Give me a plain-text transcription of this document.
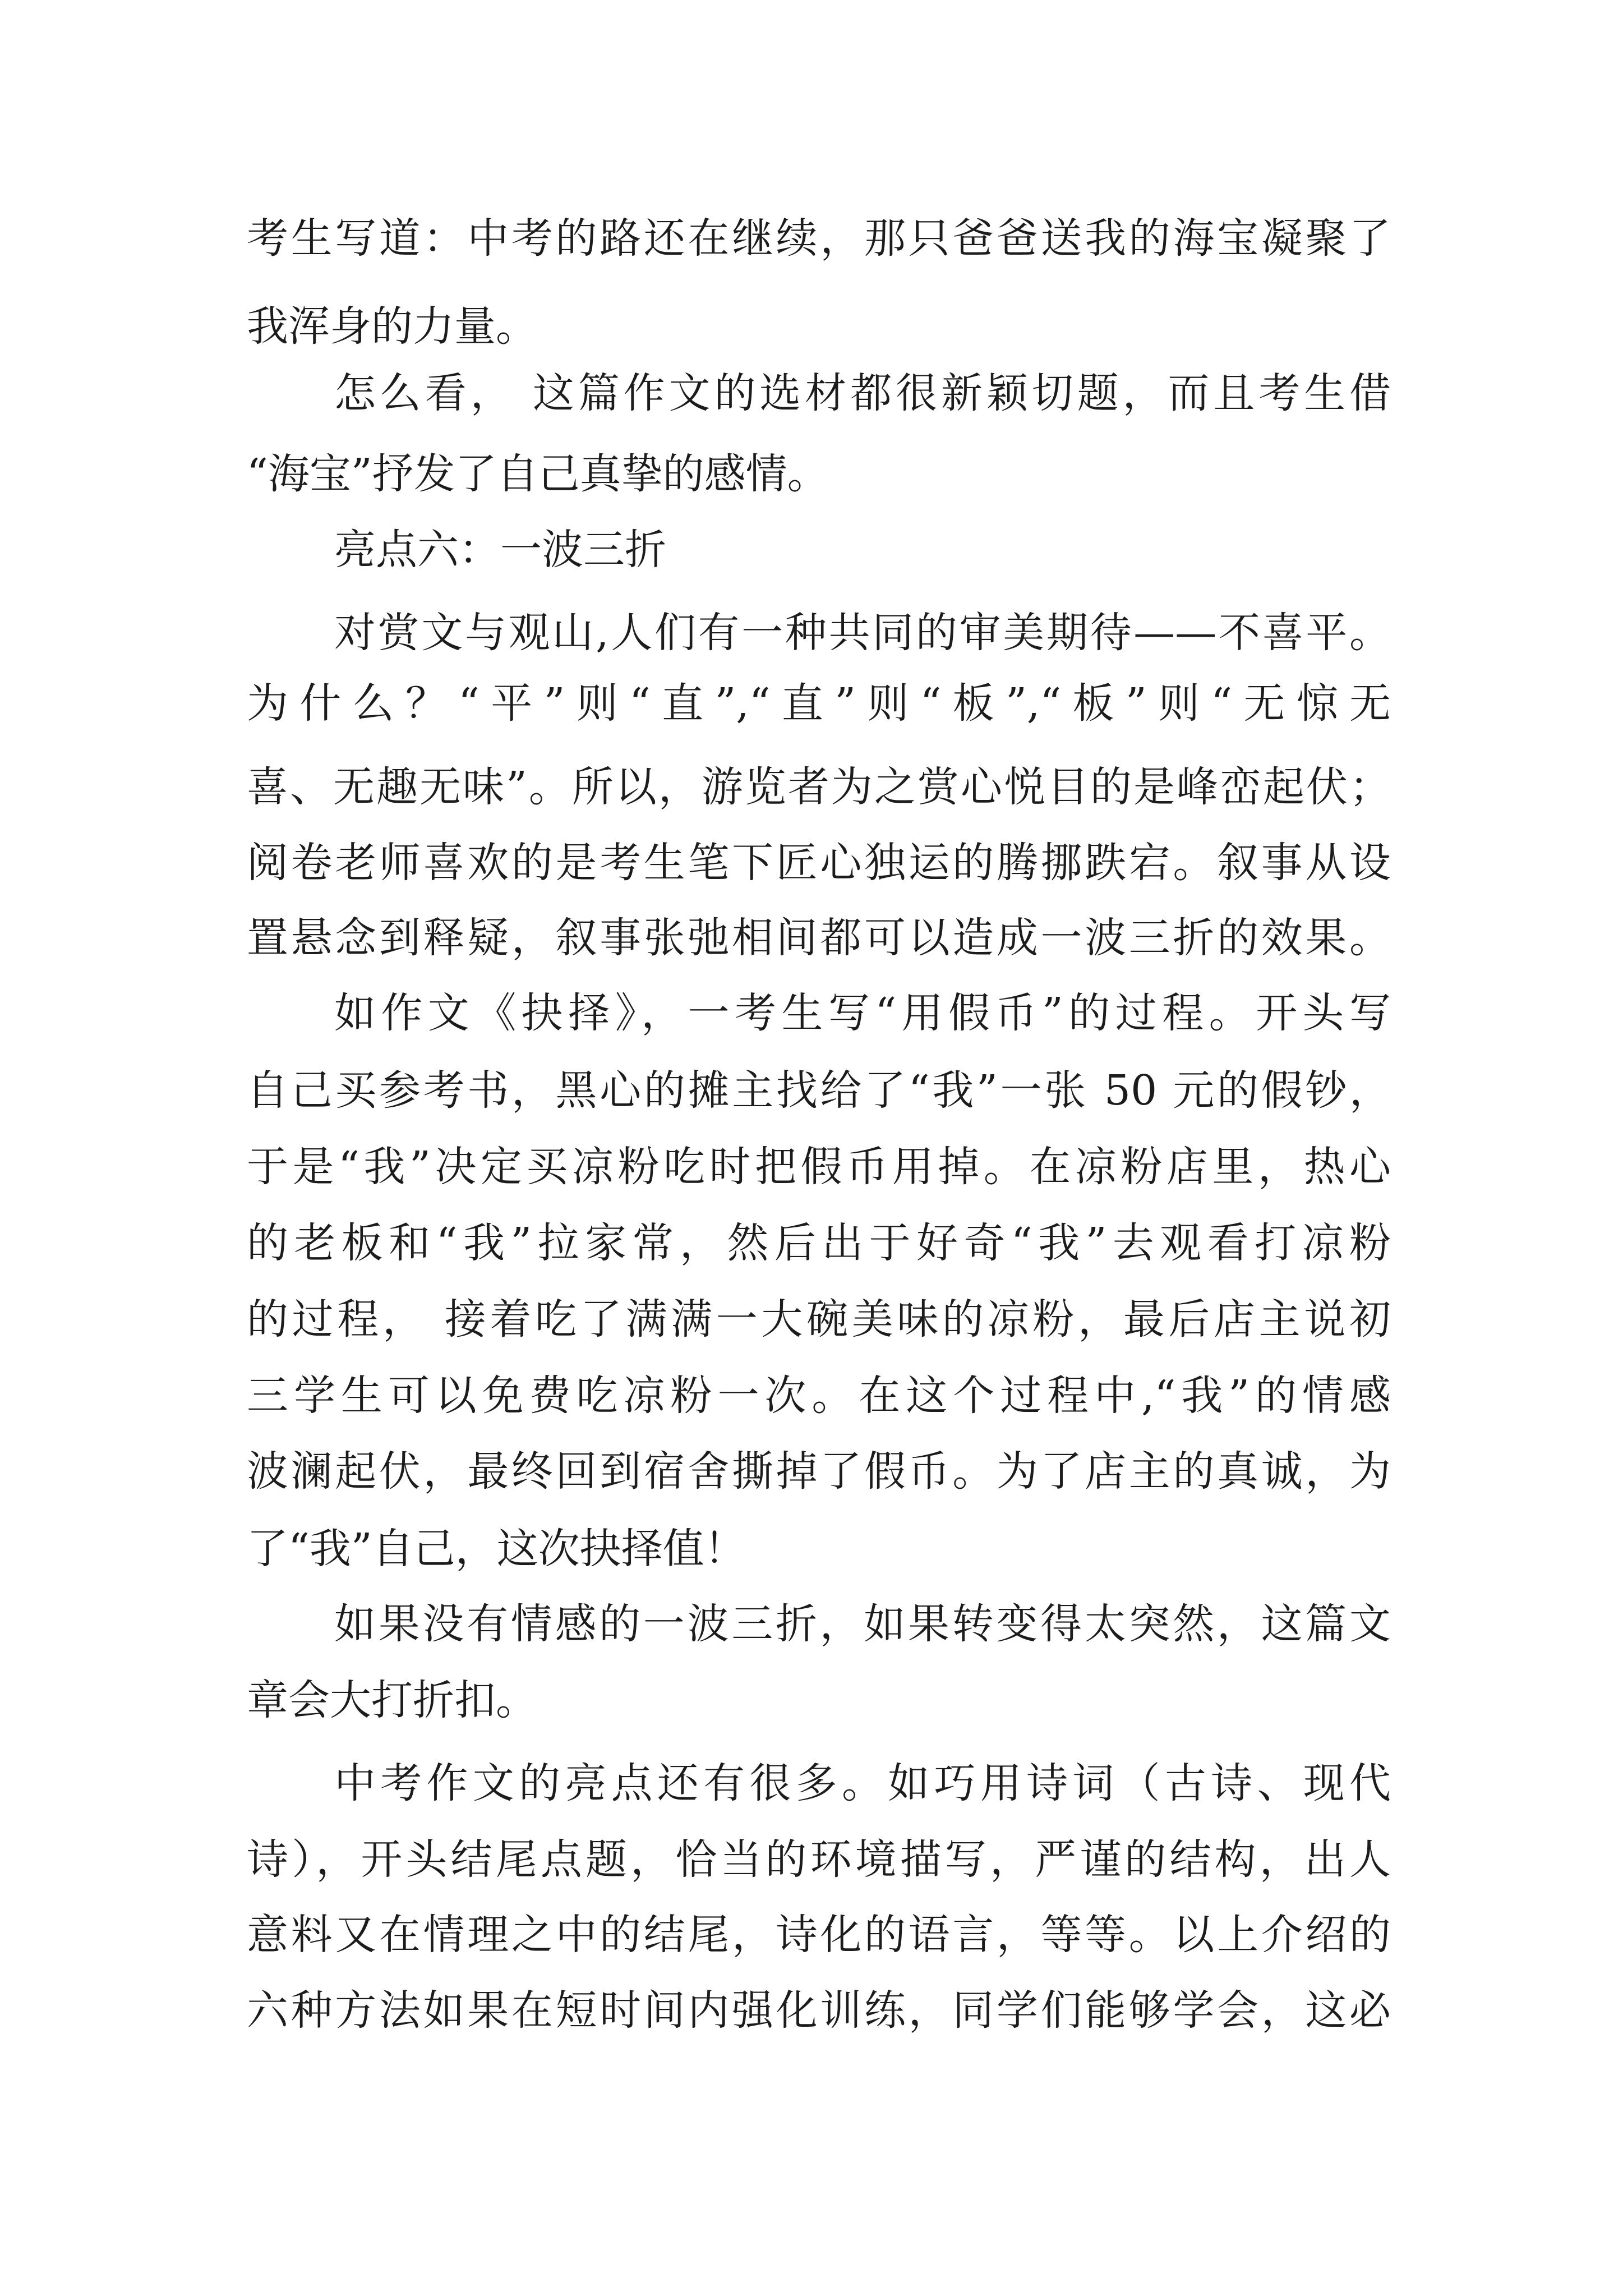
考生写道：中考的路还在继续，那只爸爸送我的海宝凝聚了
我浑身的力量。
怎么看， 这篇作文的选材都很新颖切题，而且考生借
“海宝”抒发了自己真挚的感情。
亮点六：一波三折
对赏文与观山,人们有一种共同的审美期待——不喜平。
为什么？“平”则“直”,“直”则“板”,“板”则“无惊无
喜、无趣无味”。所以，游览者为之赏心悦目的是峰峦起伏；
阅卷老师喜欢的是考生笔下匠心独运的腾挪跌宕。叙事从设
置悬念到释疑，叙事张弛相间都可以造成一波三折的效果。
如作文《抉择》，一考生写“用假币”的过程。开头写
自己买参考书，黑心的摊主找给了“我”一张 50 元的假钞，
于是“我”决定买凉粉吃时把假币用掉。在凉粉店里，热心
的老板和“我”拉家常，然后出于好奇“我”去观看打凉粉
的过程， 接着吃了满满一大碗美味的凉粉，最后店主说初
三学生可以免费吃凉粉一次。在这个过程中,“我”的情感
波澜起伏，最终回到宿舍撕掉了假币。为了店主的真诚，为
了“我”自己，这次抉择值！
如果没有情感的一波三折，如果转变得太突然，这篇文
章会大打折扣。
中考作文的亮点还有很多。如巧用诗词（古诗、现代
诗），开头结尾点题，恰当的环境描写，严谨的结构，出人
意料又在情理之中的结尾，诗化的语言，等等。以上介绍的
六种方法如果在短时间内强化训练，同学们能够学会，这必
